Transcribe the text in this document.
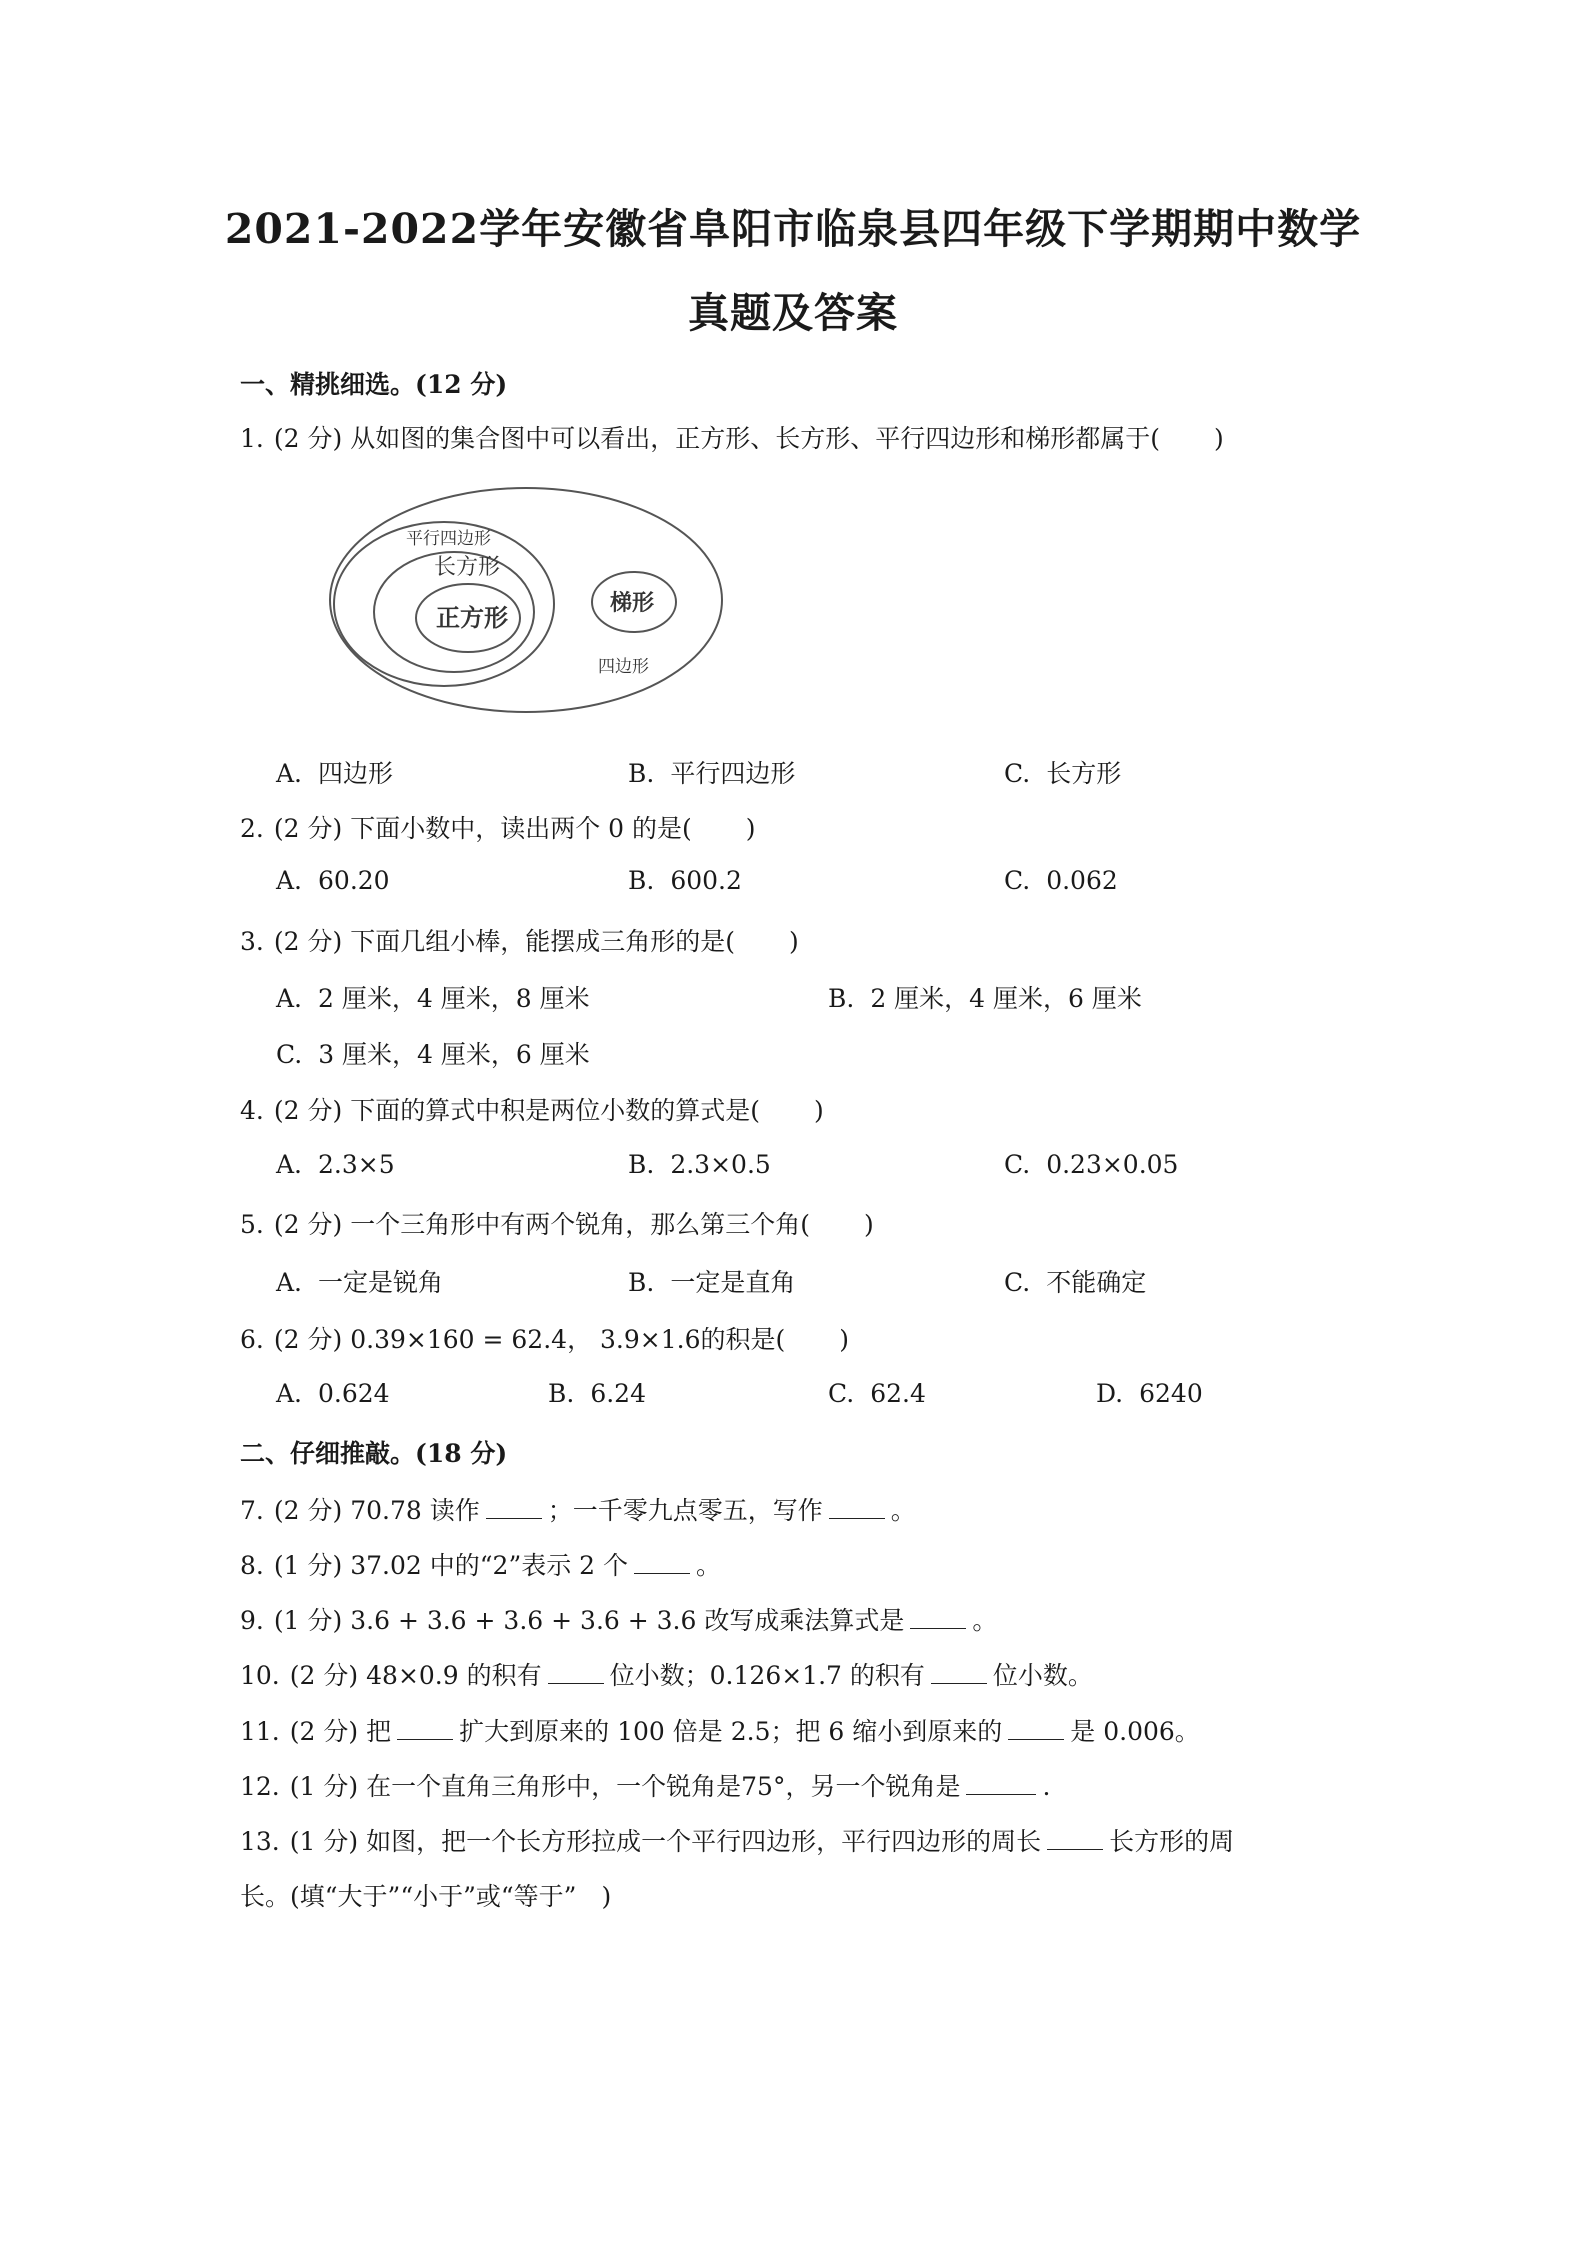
2021-2022学年安徽省阜阳市临泉县四年级下学期期中数学
真题及答案
一、精挑细选。(12 分)
1. (2 分) 从如图的集合图中可以看出，正方形、长方形、平行四边形和梯形都属于( )
平行四边形
长方形
正方形	梯形
四边形
A. 四边形	B. 平行四边形	C. 长方形
2. (2 分) 下面小数中，读出两个 0 的是( )
A. 60.20	B. 600.2	C. 0.062
3. (2 分) 下面几组小棒，能摆成三角形的是( )
A. 2 厘米，4 厘米，8 厘米	B. 2 厘米，4 厘米，6 厘米
C. 3 厘米，4 厘米，6 厘米
4. (2 分) 下面的算式中积是两位小数的算式是( )
A. 2.3×5	B. 2.3×0.5	C. 0.23×0.05
5. (2 分) 一个三角形中有两个锐角，那么第三个角( )
A. 一定是锐角	B. 一定是直角	C. 不能确定
6. (2 分) 0.39×160 = 62.4， 3.9×1.6的积是( )
A. 0.624	B. 6.24	C. 62.4	D. 6240
二、仔细推敲。(18 分)
7. (2 分) 70.78 读作	；一千零九点零五，写作	。
8. (1 分) 37.02 中的“2”表示 2 个	。
9. (1 分) 3.6 + 3.6 + 3.6 + 3.6 + 3.6 改写成乘法算式是	。
10. (2 分) 48×0.9 的积有	位小数；0.126×1.7 的积有	位小数。
11. (2 分) 把	扩大到原来的 100 倍是 2.5；把 6 缩小到原来的	是 0.006。
12. (1 分) 在一个直角三角形中，一个锐角是75°，另一个锐角是	.
13. (1 分) 如图，把一个长方形拉成一个平行四边形，平行四边形的周长	长方形的周
长。(填“大于”“小于”或“等于”　)
